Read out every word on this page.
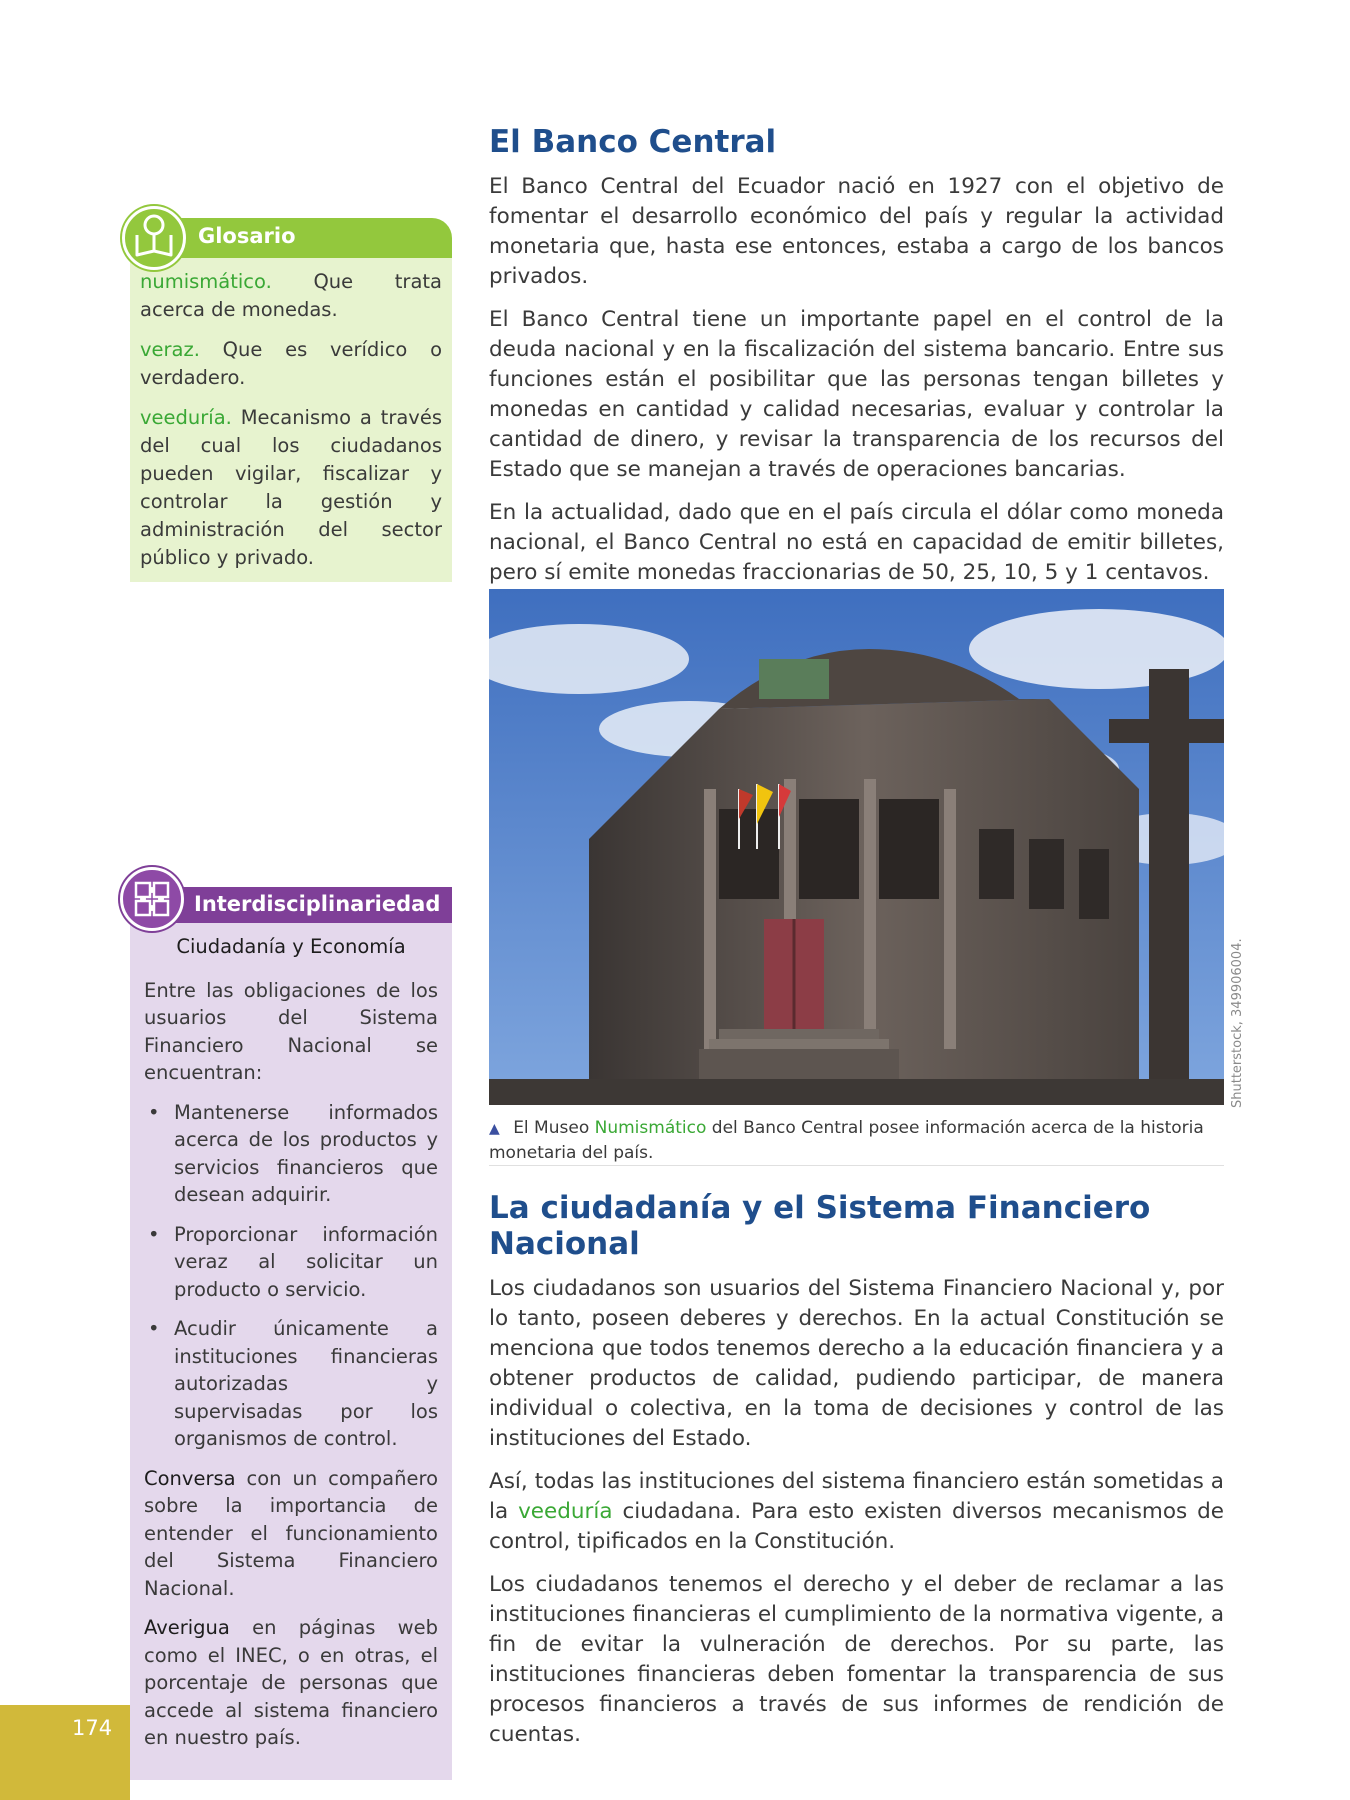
Glosario

numismático. Que trata acerca de monedas.

veraz. Que es verídico o verdadero.

veeduría. Mecanismo a través del cual los ciudadanos pueden vigilar, fiscalizar y controlar la gestión y administración del sector público y privado.

Interdisciplinariedad
Ciudadanía y Economía

Entre las obligaciones de los usuarios del Sistema Financiero Nacional se encuentran:

• Mantenerse informados acerca de los productos y servicios financieros que desean adquirir.
• Proporcionar información veraz al solicitar un producto o servicio.
• Acudir únicamente a instituciones financieras autorizadas y supervisadas por los organismos de control.

Conversa con un compañero sobre la importancia de entender el funcionamiento del Sistema Financiero Nacional.

Averigua en páginas web como el INEC, o en otras, el porcentaje de personas que accede al sistema financiero en nuestro país.

El Banco Central

El Banco Central del Ecuador nació en 1927 con el objetivo de fomentar el desarrollo económico del país y regular la actividad monetaria que, hasta ese entonces, estaba a cargo de los bancos privados.

El Banco Central tiene un importante papel en el control de la deuda nacional y en la fiscalización del sistema bancario. Entre sus funciones están el posibilitar que las personas tengan billetes y monedas en cantidad y calidad necesarias, evaluar y controlar la cantidad de dinero, y revisar la transparencia de los recursos del Estado que se manejan a través de operaciones bancarias.

En la actualidad, dado que en el país circula el dólar como moneda nacional, el Banco Central no está en capacidad de emitir billetes, pero sí emite monedas fraccionarias de 50, 25, 10, 5 y 1 centavos.

Shutterstock, 349906004.
▲ El Museo Numismático del Banco Central posee información acerca de la historia monetaria del país.
La ciudadanía y el Sistema Financiero Nacional

Los ciudadanos son usuarios del Sistema Financiero Nacional y, por lo tanto, poseen deberes y derechos. En la actual Constitución se menciona que todos tenemos derecho a la educación financiera y a obtener productos de calidad, pudiendo participar, de manera individual o colectiva, en la toma de decisiones y control de las instituciones del Estado.

Así, todas las instituciones del sistema financiero están sometidas a la veeduría ciudadana. Para esto existen diversos mecanismos de control, tipificados en la Constitución.

Los ciudadanos tenemos el derecho y el deber de reclamar a las instituciones financieras el cumplimiento de la normativa vigente, a fin de evitar la vulneración de derechos. Por su parte, las instituciones financieras deben fomentar la transparencia de sus procesos financieros a través de sus informes de rendición de cuentas.

174
